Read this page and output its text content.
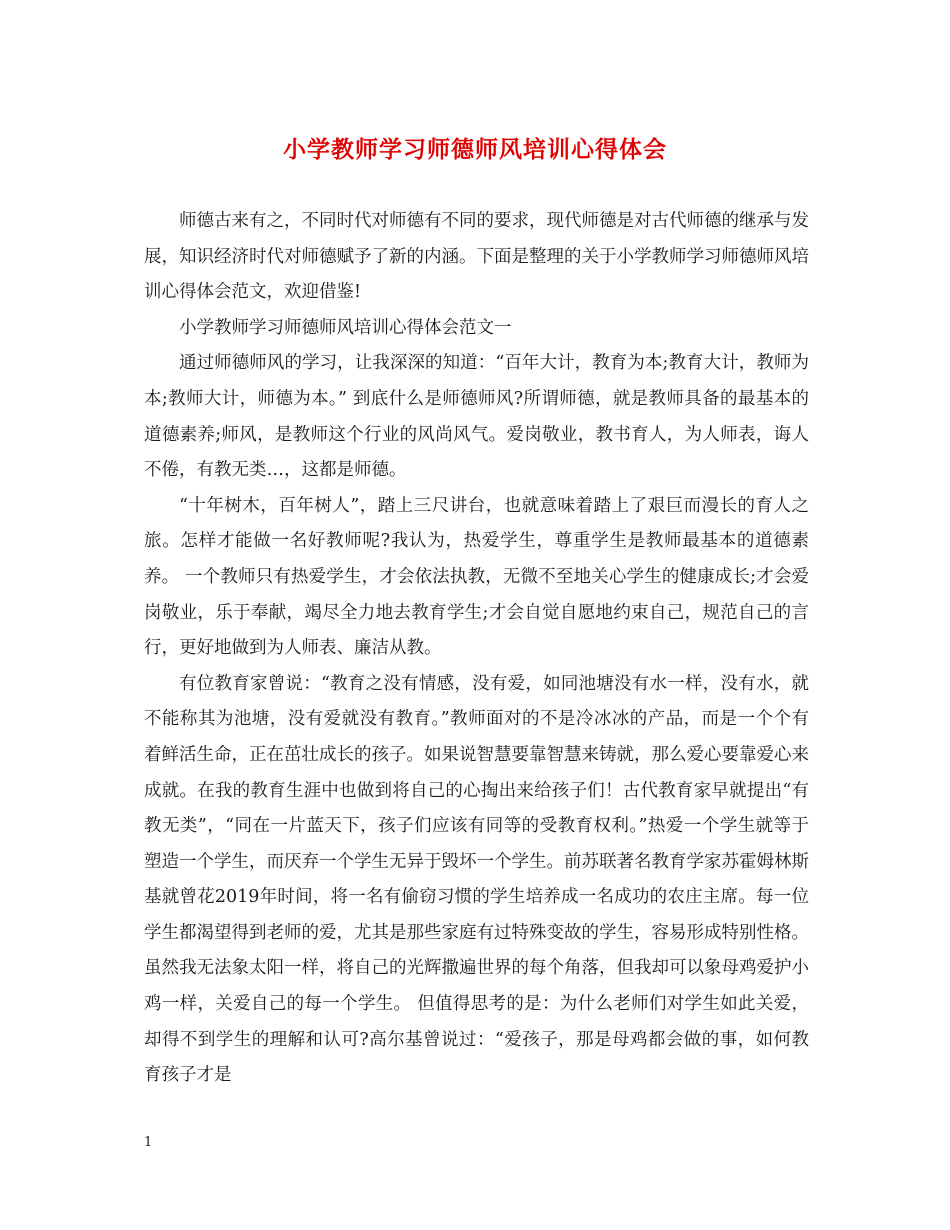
小学教师学习师德师风培训心得体会

师德古来有之，不同时代对师德有不同的要求，现代师德是对古代师德的继承与发展，知识经济时代对师德赋予了新的内涵。下面是整理的关于小学教师学习师德师风培训心得体会范文，欢迎借鉴!

小学教师学习师德师风培训心得体会范文一

通过师德师风的学习，让我深深的知道：“百年大计，教育为本;教育大计，教师为本;教师大计，师德为本。” 到底什么是师德师风?所谓师德，就是教师具备的最基本的道德素养;师风，是教师这个行业的风尚风气。爱岗敬业，教书育人，为人师表，诲人不倦，有教无类…，这都是师德。

“十年树木，百年树人”，踏上三尺讲台，也就意味着踏上了艰巨而漫长的育人之旅。怎样才能做一名好教师呢?我认为，热爱学生，尊重学生是教师最基本的道德素养。 一个教师只有热爱学生，才会依法执教，无微不至地关心学生的健康成长;才会爱岗敬业，乐于奉献，竭尽全力地去教育学生;才会自觉自愿地约束自己，规范自己的言行，更好地做到为人师表、廉洁从教。

有位教育家曾说：“教育之没有情感，没有爱，如同池塘没有水一样，没有水，就不能称其为池塘，没有爱就没有教育。”教师面对的不是冷冰冰的产品，而是一个个有着鲜活生命，正在茁壮成长的孩子。如果说智慧要靠智慧来铸就，那么爱心要靠爱心来成就。在我的教育生涯中也做到将自己的心掏出来给孩子们！古代教育家早就提出“有教无类”，“同在一片蓝天下，孩子们应该有同等的受教育权利。”热爱一个学生就等于塑造一个学生，而厌弃一个学生无异于毁坏一个学生。前苏联著名教育学家苏霍姆林斯基就曾花2019年时间，将一名有偷窃习惯的学生培养成一名成功的农庄主席。每一位学生都渴望得到老师的爱，尤其是那些家庭有过特殊变故的学生，容易形成特别性格。虽然我无法象太阳一样，将自己的光辉撒遍世界的每个角落，但我却可以象母鸡爱护小鸡一样，关爱自己的每一个学生。 但值得思考的是：为什么老师们对学生如此关爱，却得不到学生的理解和认可?高尔基曾说过：“爱孩子，那是母鸡都会做的事，如何教育孩子才是

1
